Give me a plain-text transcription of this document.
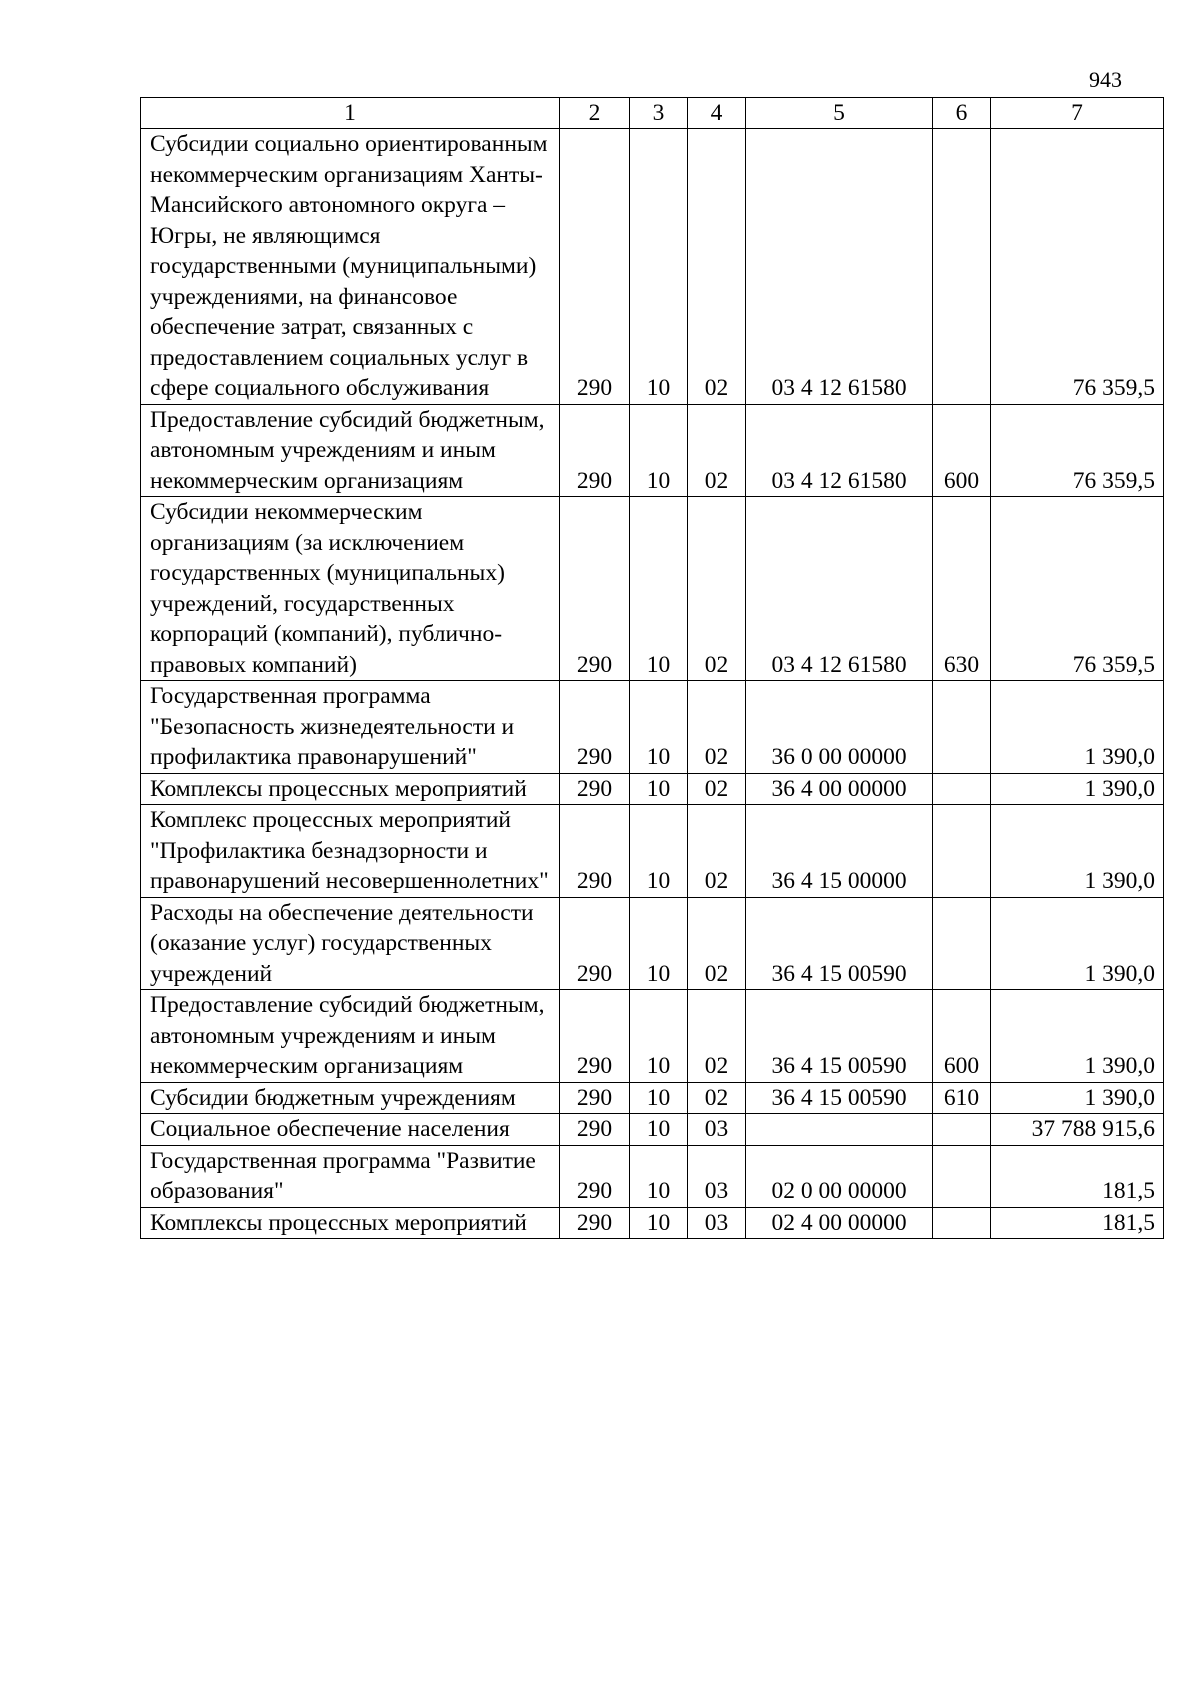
943
1	2	3	4	5	6	7
Субсидии социально ориентированным некоммерческим организациям Ханты-Мансийского автономного округа – Югры, не являющимся государственными (муниципальными) учреждениями, на финансовое обеспечение затрат, связанных с предоставлением социальных услуг в сфере социального обслуживания	290	10	02	03 4 12 61580		76 359,5
Предоставление субсидий бюджетным, автономным учреждениям и иным некоммерческим организациям	290	10	02	03 4 12 61580	600	76 359,5
Субсидии некоммерческим организациям (за исключением государственных (муниципальных) учреждений, государственных корпораций (компаний), публично-правовых компаний)	290	10	02	03 4 12 61580	630	76 359,5
Государственная программа "Безопасность жизнедеятельности и профилактика правонарушений"	290	10	02	36 0 00 00000		1 390,0
Комплексы процессных мероприятий	290	10	02	36 4 00 00000		1 390,0
Комплекс процессных мероприятий "Профилактика безнадзорности и правонарушений несовершеннолетних"	290	10	02	36 4 15 00000		1 390,0
Расходы на обеспечение деятельности (оказание услуг) государственных учреждений	290	10	02	36 4 15 00590		1 390,0
Предоставление субсидий бюджетным, автономным учреждениям и иным некоммерческим организациям	290	10	02	36 4 15 00590	600	1 390,0
Субсидии бюджетным учреждениям	290	10	02	36 4 15 00590	610	1 390,0
Социальное обеспечение населения	290	10	03			37 788 915,6
Государственная программа "Развитие образования"	290	10	03	02 0 00 00000		181,5
Комплексы процессных мероприятий	290	10	03	02 4 00 00000		181,5
